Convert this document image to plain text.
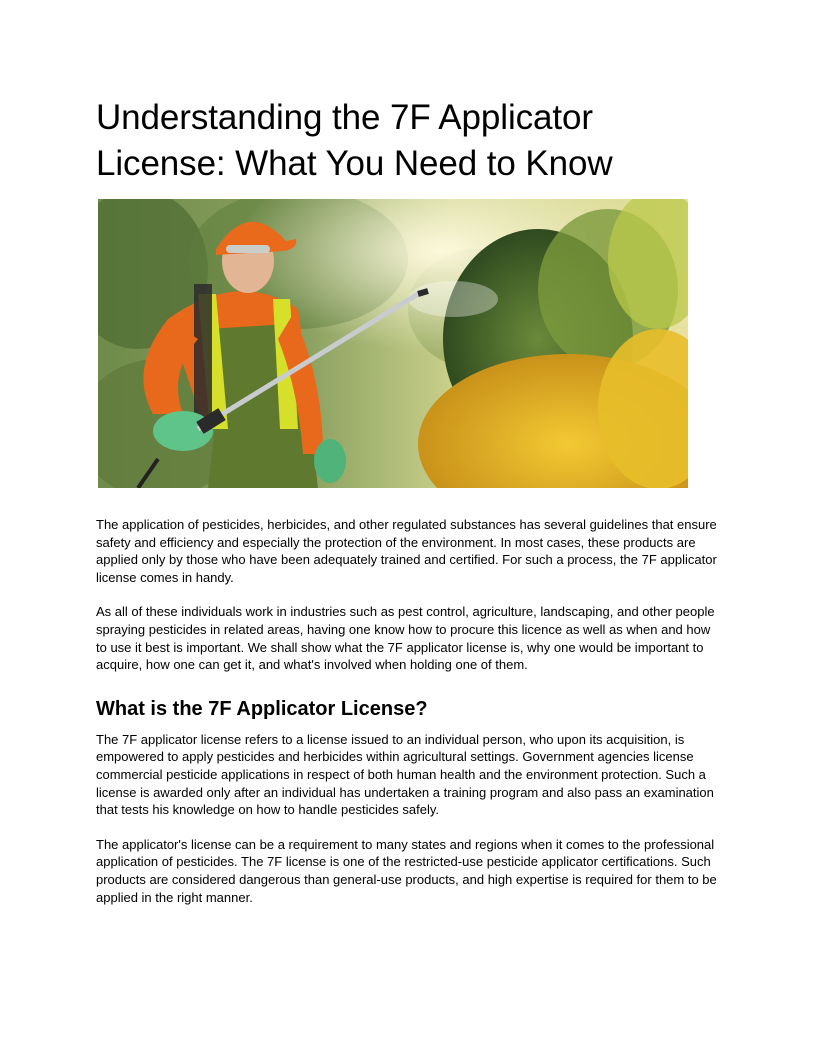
Understanding the 7F Applicator License: What You Need to Know

The application of pesticides, herbicides, and other regulated substances has several guidelines that ensure safety and efficiency and especially the protection of the environment. In most cases, these products are applied only by those who have been adequately trained and certified. For such a process, the 7F applicator license comes in handy.

As all of these individuals work in industries such as pest control, agriculture, landscaping, and other people spraying pesticides in related areas, having one know how to procure this licence as well as when and how to use it best is important. We shall show what the 7F applicator license is, why one would be important to acquire, how one can get it, and what's involved when holding one of them.

What is the 7F Applicator License?

The 7F applicator license refers to a license issued to an individual person, who upon its acquisition, is empowered to apply pesticides and herbicides within agricultural settings. Government agencies license commercial pesticide applications in respect of both human health and the environment protection. Such a license is awarded only after an individual has undertaken a training program and also pass an examination that tests his knowledge on how to handle pesticides safely.

The applicator's license can be a requirement to many states and regions when it comes to the professional application of pesticides. The 7F license is one of the restricted-use pesticide applicator certifications. Such products are considered dangerous than general-use products, and high expertise is required for them to be applied in the right manner.
